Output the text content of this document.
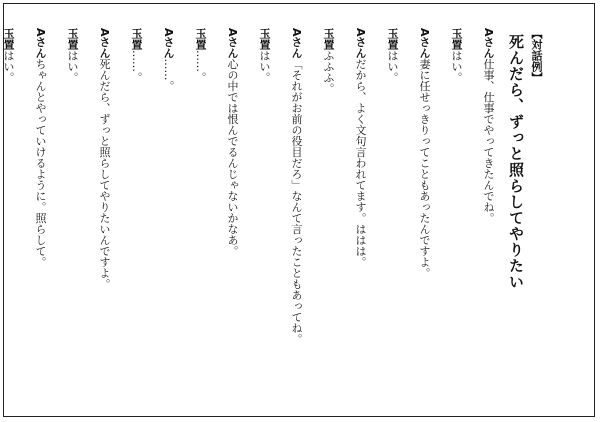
【対話例】
死んだら、ずっと照らしてやりたい
Aさん仕事、仕事でやってきたんでね。
玉置はい。
Aさん妻に任せっきりってこともあったんですよ。
玉置はい。
Aさんだから、よく文句言われてます。ははは。
玉置ふふふ。
Aさん「それがお前の役目だろ」なんて言ったこともあってね。
玉置はい。
Aさん心の中では恨んでるんじゃないかなあ。
玉置……。
Aさん……。
玉置……。
Aさん死んだら、ずっと照らしてやりたいんですよ。
玉置はい。
Aさんちゃんとやっていけるように。照らして。
玉置はい。
